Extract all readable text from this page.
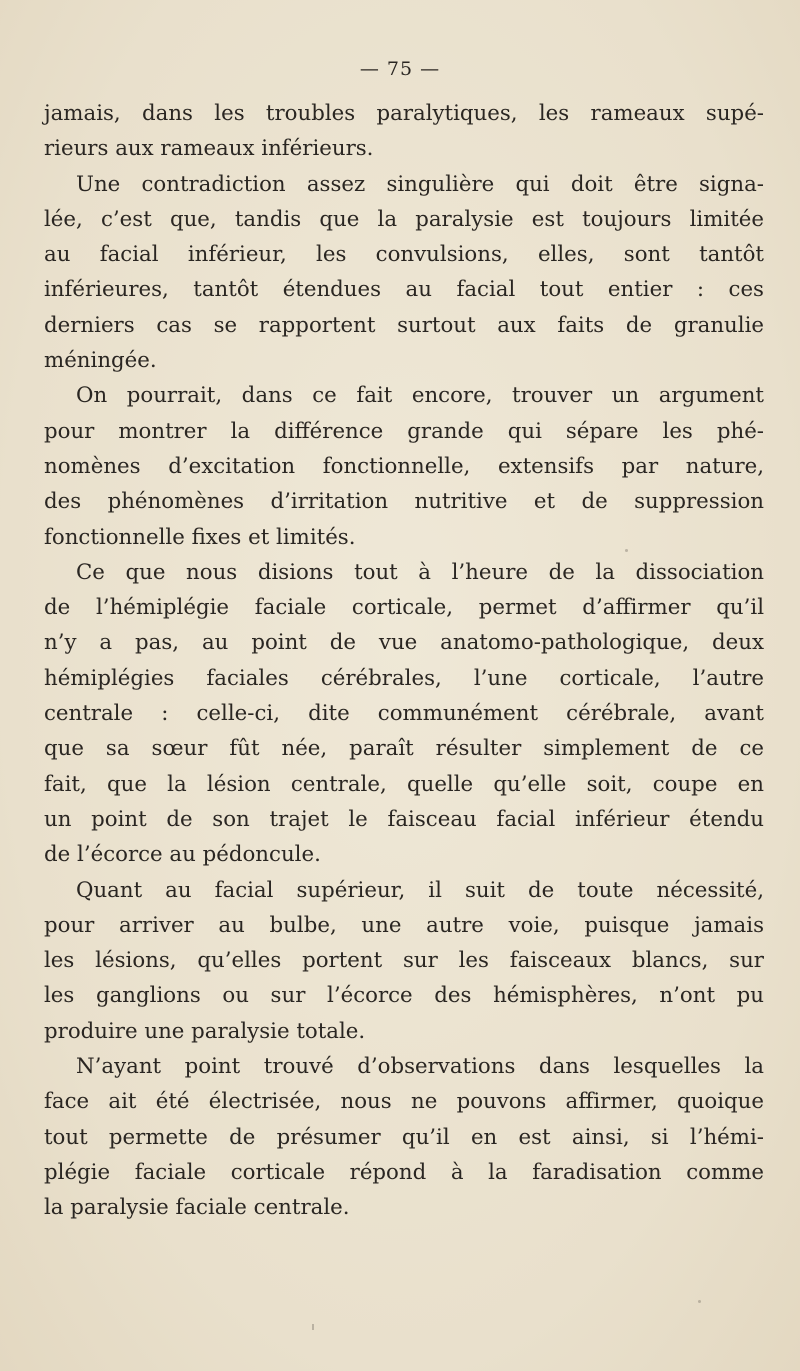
— 75 —
jamais, dans les troubles paralytiques, les rameaux supé-
rieurs aux rameaux inférieurs.
Une contradiction assez singulière qui doit être signa-
lée, c’est que, tandis que la paralysie est toujours limitée
au facial inférieur, les convulsions, elles, sont tantôt
inférieures, tantôt étendues au facial tout entier : ces
derniers cas se rapportent surtout aux faits de granulie
méningée.
On pourrait, dans ce fait encore, trouver un argument
pour montrer la différence grande qui sépare les phé-
nomènes d’excitation fonctionnelle, extensifs par nature,
des phénomènes d’irritation nutritive et de suppression
fonctionnelle fixes et limités.
Ce que nous disions tout à l’heure de la dissociation
de l’hémiplégie faciale corticale, permet d’affirmer qu’il
n’y a pas, au point de vue anatomo-pathologique, deux
hémiplégies faciales cérébrales, l’une corticale, l’autre
centrale : celle-ci, dite communément cérébrale, avant
que sa sœur fût née, paraît résulter simplement de ce
fait, que la lésion centrale, quelle qu’elle soit, coupe en
un point de son trajet le faisceau facial inférieur étendu
de l’écorce au pédoncule.
Quant au facial supérieur, il suit de toute nécessité,
pour arriver au bulbe, une autre voie, puisque jamais
les lésions, qu’elles portent sur les faisceaux blancs, sur
les ganglions ou sur l’écorce des hémisphères, n’ont pu
produire une paralysie totale.
N’ayant point trouvé d’observations dans lesquelles la
face ait été électrisée, nous ne pouvons affirmer, quoique
tout permette de présumer qu’il en est ainsi, si l’hémi-
plégie faciale corticale répond à la faradisation comme
la paralysie faciale centrale.
